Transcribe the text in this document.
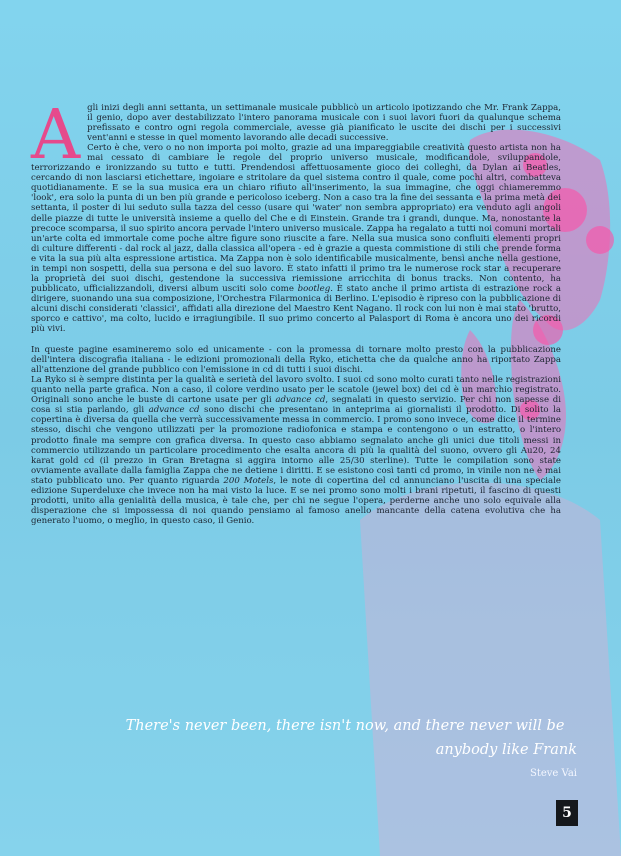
Agli inizi degli anni settanta, un settimanale musicale pubblicò un articolo ipotizzando che Mr. Frank Zappa, il genio, dopo aver destabilizzato l'intero panorama musicale con i suoi lavori fuori da qualunque schema prefissato e contro ogni regola commerciale, avesse già pianificato le uscite dei dischi per i successivi vent'anni e stesse in quel momento lavorando alle decadi successive.

Certo è che, vero o no non importa poi molto, grazie ad una impareggiabile creatività questo artista non ha mai cessato di cambiare le regole del proprio universo musicale, modificandole, sviluppandole, terrorizzando e ironizzando su tutto e tutti. Prendendosi affettuosamente gioco dei colleghi, da Dylan ai Beatles, cercando di non lasciarsi etichettare, ingoiare e stritolare da quel sistema contro il quale, come pochi altri, combatteva quotidianamente. E se la sua musica era un chiaro rifiuto all'inserimento, la sua immagine, che oggi chiameremmo 'look', era solo la punta di un ben più grande e pericoloso iceberg. Non a caso tra la fine dei sessanta e la prima metà dei settanta, il poster di lui seduto sulla tazza del cesso (usare qui 'water' non sembra appropriato) era venduto agli angoli delle piazze di tutte le università insieme a quello del Che e di Einstein. Grande tra i grandi, dunque. Ma, nonostante la precoce scomparsa, il suo spirito ancora pervade l'intero universo musicale. Zappa ha regalato a tutti noi comuni mortali un'arte colta ed immortale come poche altre figure sono riuscite a fare. Nella sua musica sono confluiti elementi propri di culture differenti - dal rock al jazz, dalla classica all'opera - ed è grazie a questa commistione di stili che prende forma e vita la sua più alta espressione artistica. Ma Zappa non è solo identificabile musicalmente, bensì anche nella gestione, in tempi non sospetti, della sua persona e del suo lavoro. È stato infatti il primo tra le numerose rock star a recuperare la proprietà dei suoi dischi, gestendone la successiva riemissione arricchita di bonus tracks. Non contento, ha pubblicato, ufficializzandoli, diversi album usciti solo come bootleg. È stato anche il primo artista di estrazione rock a dirigere, suonando una sua composizione, l'Orchestra Filarmonica di Berlino. L'episodio è ripreso con la pubblicazione di alcuni dischi considerati 'classici', affidati alla direzione del Maestro Kent Nagano. Il rock con lui non è mai stato 'brutto, sporco e cattivo', ma colto, lucido e irragiungibile. Il suo primo concerto al Palasport di Roma è ancora uno dei ricordi più vivi.

In queste pagine esamineremo solo ed unicamente - con la promessa di tornare molto presto con la pubblicazione dell'intera discografia italiana - le edizioni promozionali della Ryko, etichetta che da qualche anno ha riportato Zappa all'attenzione del grande pubblico con l'emissione in cd di tutti i suoi dischi.

La Ryko si è sempre distinta per la qualità e serietà del lavoro svolto. I suoi cd sono molto curati tanto nelle registrazioni quanto nella parte grafica. Non a caso, il colore verdino usato per le scatole (jewel box) dei cd è un marchio registrato. Originali sono anche le buste di cartone usate per gli advance cd, segnalati in questo servizio. Per chi non sapesse di cosa si stia parlando, gli advance cd sono dischi che presentano in anteprima ai giornalisti il prodotto. Di solito la copertina è diversa da quella che verrà successivamente messa in commercio. I promo sono invece, come dice il termine stesso, dischi che vengono utilizzati per la promozione radiofonica e stampa e contengono o un estratto, o l'intero prodotto finale ma sempre con grafica diversa. In questo caso abbiamo segnalato anche gli unici due titoli messi in commercio utilizzando un particolare procedimento che esalta ancora di più la qualità del suono, ovvero gli Au20, 24 karat gold cd (il prezzo in Gran Bretagna si aggira intorno alle 25/30 sterline). Tutte le compilation sono state ovviamente avallate dalla famiglia Zappa che ne detiene i diritti. E se esistono così tanti cd promo, in vinile non ne è mai stato pubblicato uno. Per quanto riguarda 200 Motels, le note di copertina del cd annunciano l'uscita di una speciale edizione Superdeluxe che invece non ha mai visto la luce. E se nei promo sono molti i brani ripetuti, il fascino di questi prodotti, unito alla genialità della musica, è tale che, per chi ne segue l'opera, perderne anche uno solo equivale alla disperazione che si impossessa di noi quando pensiamo al famoso anello mancante della catena evolutiva che ha generato l'uomo, o meglio, in questo caso, il Genio.

There's never been, there isn't now, and there never will be
anybody like Frank
Steve Vai
5
